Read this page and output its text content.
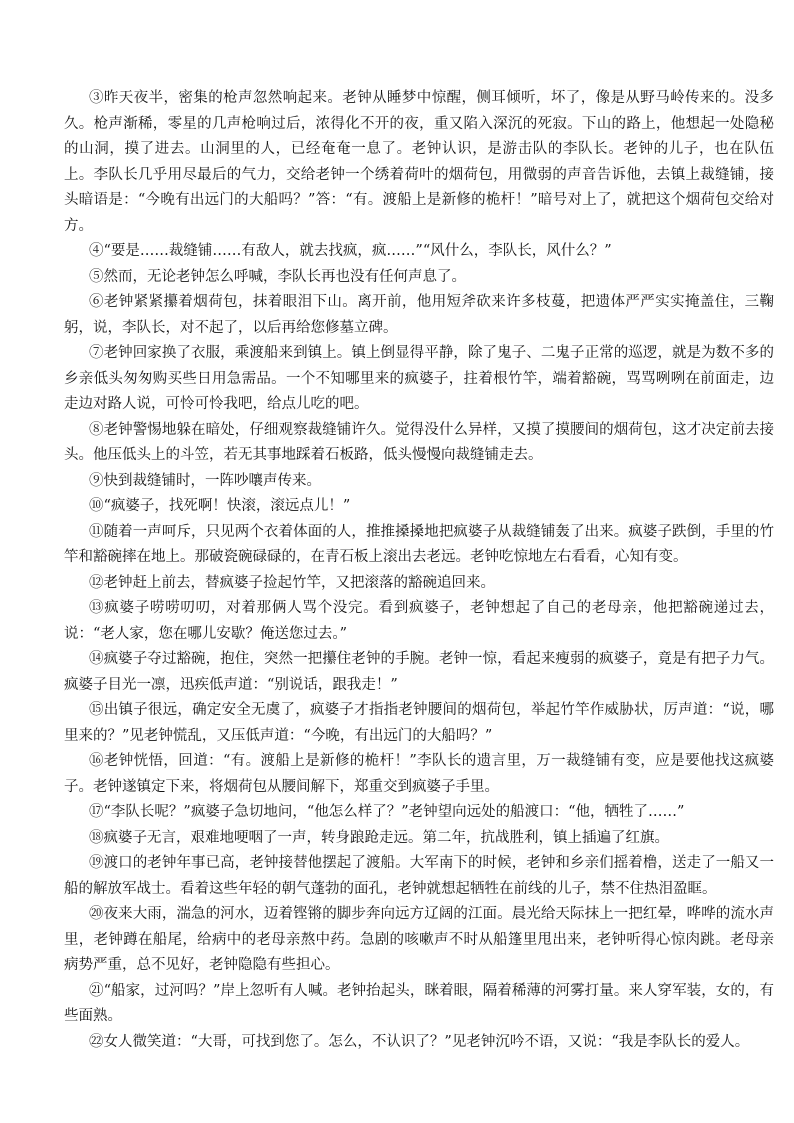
③昨天夜半，密集的枪声忽然响起来。老钟从睡梦中惊醒，侧耳倾听，坏了，像是从野马岭传来的。没多久。枪声渐稀，零星的几声枪响过后，浓得化不开的夜，重又陷入深沉的死寂。下山的路上，他想起一处隐秘的山洞，摸了进去。山洞里的人，已经奄奄一息了。老钟认识，是游击队的李队长。老钟的儿子，也在队伍上。李队长几乎用尽最后的气力，交给老钟一个绣着荷叶的烟荷包，用微弱的声音告诉他，去镇上裁缝铺，接头暗语是：“今晚有出远门的大船吗？”答：“有。渡船上是新修的桅杆！”暗号对上了，就把这个烟荷包交给对方。

④“要是……裁缝铺……有敌人，就去找疯，疯……”“风什么，李队长，风什么？”

⑤然而，无论老钟怎么呼喊，李队长再也没有任何声息了。

⑥老钟紧紧攥着烟荷包，抹着眼泪下山。离开前，他用短斧砍来许多枝蔓，把遗体严严实实掩盖住，三鞠躬，说，李队长，对不起了，以后再给您修墓立碑。

⑦老钟回家换了衣服，乘渡船来到镇上。镇上倒显得平静，除了鬼子、二鬼子正常的巡逻，就是为数不多的乡亲低头匆匆购买些日用急需品。一个不知哪里来的疯婆子，拄着根竹竿，端着豁碗，骂骂咧咧在前面走，边走边对路人说，可怜可怜我吧，给点儿吃的吧。

⑧老钟警惕地躲在暗处，仔细观察裁缝铺许久。觉得没什么异样，又摸了摸腰间的烟荷包，这才决定前去接头。他压低头上的斗笠，若无其事地踩着石板路，低头慢慢向裁缝铺走去。

⑨快到裁缝铺时，一阵吵嚷声传来。

⑩“疯婆子，找死啊！快滚，滚远点儿！”

⑪随着一声呵斥，只见两个衣着体面的人，推推搡搡地把疯婆子从裁缝铺轰了出来。疯婆子跌倒，手里的竹竿和豁碗摔在地上。那破瓷碗碌碌的，在青石板上滚出去老远。老钟吃惊地左右看看，心知有变。

⑫老钟赶上前去，替疯婆子捡起竹竿，又把滚落的豁碗追回来。

⑬疯婆子唠唠叨叨，对着那俩人骂个没完。看到疯婆子，老钟想起了自己的老母亲，他把豁碗递过去，说：“老人家，您在哪儿安歇？俺送您过去。”

⑭疯婆子夺过豁碗，抱住，突然一把攥住老钟的手腕。老钟一惊，看起来瘦弱的疯婆子，竟是有把子力气。疯婆子目光一凛，迅疾低声道：“别说话，跟我走！”

⑮出镇子很远，确定安全无虞了，疯婆子才指指老钟腰间的烟荷包，举起竹竿作威胁状，厉声道：“说，哪里来的？”见老钟慌乱，又压低声道：“今晚，有出远门的大船吗？”

⑯老钟恍悟，回道：“有。渡船上是新修的桅杆！”李队长的遗言里，万一裁缝铺有变，应是要他找这疯婆子。老钟遂镇定下来，将烟荷包从腰间解下，郑重交到疯婆子手里。

⑰“李队长呢？”疯婆子急切地问，“他怎么样了？”老钟望向远处的船渡口：“他，牺牲了……”

⑱疯婆子无言，艰难地哽咽了一声，转身踉跄走远。第二年，抗战胜利，镇上插遍了红旗。

⑲渡口的老钟年事已高，老钟接替他摆起了渡船。大军南下的时候，老钟和乡亲们摇着橹，送走了一船又一船的解放军战士。看着这些年轻的朝气蓬勃的面孔，老钟就想起牺牲在前线的儿子，禁不住热泪盈眶。

⑳夜来大雨，湍急的河水，迈着铿锵的脚步奔向远方辽阔的江面。晨光给天际抹上一把红晕，哗哗的流水声里，老钟蹲在船尾，给病中的老母亲熬中药。急剧的咳嗽声不时从船篷里甩出来，老钟听得心惊肉跳。老母亲病势严重，总不见好，老钟隐隐有些担心。

㉑“船家，过河吗？”岸上忽听有人喊。老钟抬起头，眯着眼，隔着稀薄的河雾打量。来人穿军装，女的，有些面熟。

㉒女人微笑道：“大哥，可找到您了。怎么，不认识了？”见老钟沉吟不语，又说：“我是李队长的爱人。
